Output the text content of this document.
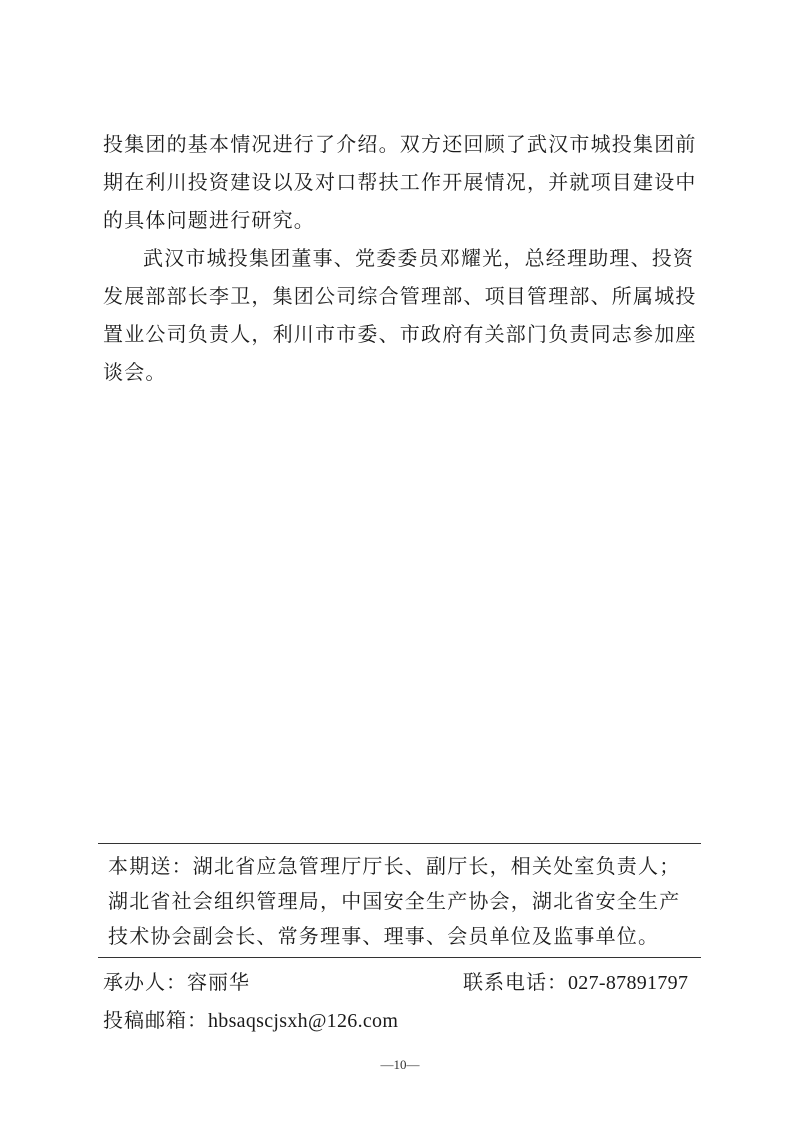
投集团的基本情况进行了介绍。双方还回顾了武汉市城投集团前期在利川投资建设以及对口帮扶工作开展情况，并就项目建设中的具体问题进行研究。

武汉市城投集团董事、党委委员邓耀光，总经理助理、投资发展部部长李卫，集团公司综合管理部、项目管理部、所属城投置业公司负责人，利川市市委、市政府有关部门负责同志参加座谈会。

本期送：湖北省应急管理厅厅长、副厅长，相关处室负责人；湖北省社会组织管理局，中国安全生产协会，湖北省安全生产技术协会副会长、常务理事、理事、会员单位及监事单位。
承办人：容丽华	联系电话：027-87891797
投稿邮箱：hbsaqscjsxh@126.com
—10—
